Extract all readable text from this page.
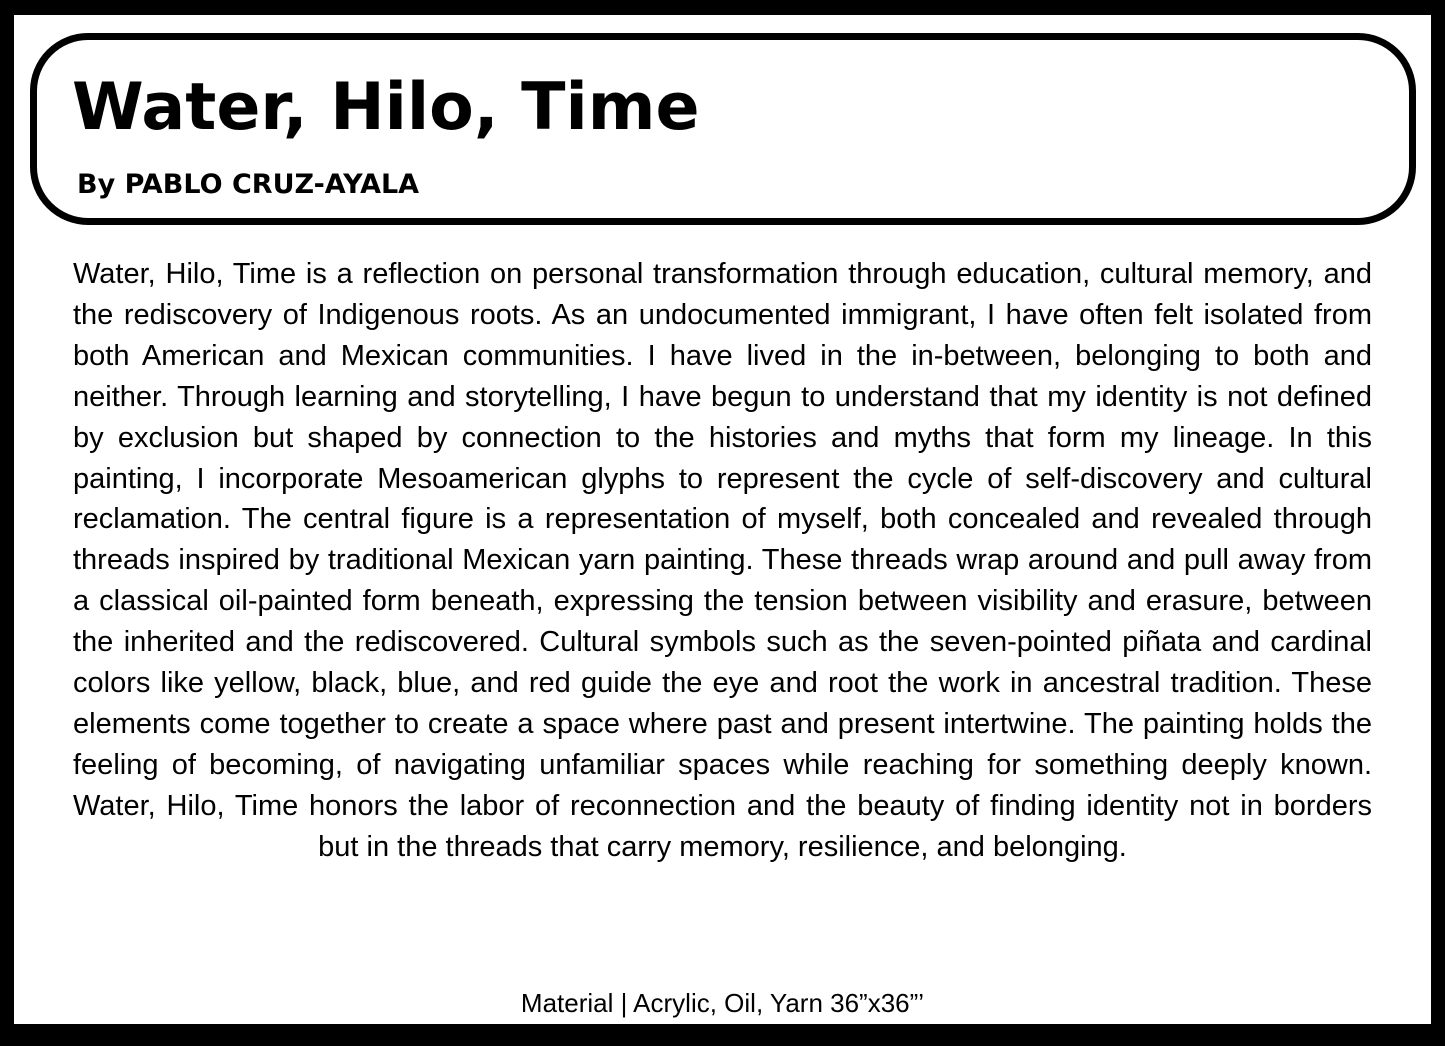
Water, Hilo, Time

By PABLO CRUZ-AYALA

Water, Hilo, Time is a reflection on personal transformation through education, cultural memory, and the rediscovery of Indigenous roots. As an undocumented immigrant, I have often felt isolated from both American and Mexican communities. I have lived in the in-between, belonging to both and neither. Through learning and storytelling, I have begun to understand that my identity is not defined by exclusion but shaped by connection to the histories and myths that form my lineage. In this painting, I incorporate Mesoamerican glyphs to represent the cycle of self-discovery and cultural reclamation. The central figure is a representation of myself, both concealed and revealed through threads inspired by traditional Mexican yarn painting. These threads wrap around and pull away from a classical oil-painted form beneath, expressing the tension between visibility and erasure, between the inherited and the rediscovered. Cultural symbols such as the seven-pointed piñata and cardinal colors like yellow, black, blue, and red guide the eye and root the work in ancestral tradition. These elements come together to create a space where past and present intertwine. The painting holds the feeling of becoming, of navigating unfamiliar spaces while reaching for something deeply known. Water, Hilo, Time honors the labor of reconnection and the beauty of finding identity not in borders but in the threads that carry memory, resilience, and belonging.

Material | Acrylic, Oil, Yarn 36”x36”’
